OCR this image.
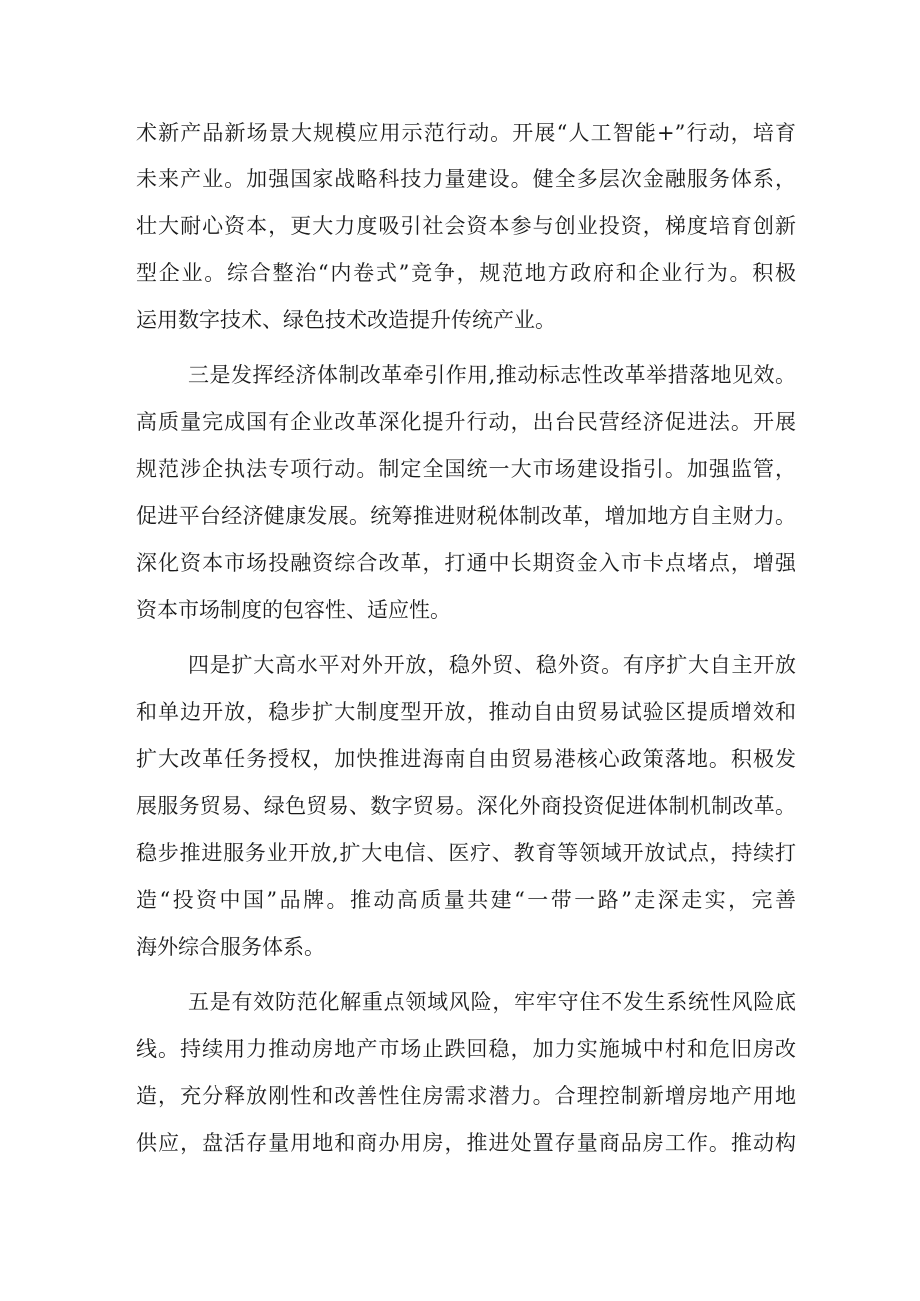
术新产品新场景大规模应用示范行动。开展“人工智能+”行动，培育
未来产业。加强国家战略科技力量建设。健全多层次金融服务体系，
壮大耐心资本，更大力度吸引社会资本参与创业投资，梯度培育创新
型企业。综合整治“内卷式”竞争，规范地方政府和企业行为。积极
运用数字技术、绿色技术改造提升传统产业。
三是发挥经济体制改革牵引作用,推动标志性改革举措落地见效。
高质量完成国有企业改革深化提升行动，出台民营经济促进法。开展
规范涉企执法专项行动。制定全国统一大市场建设指引。加强监管，
促进平台经济健康发展。统筹推进财税体制改革，增加地方自主财力。
深化资本市场投融资综合改革，打通中长期资金入市卡点堵点，增强
资本市场制度的包容性、适应性。
四是扩大高水平对外开放，稳外贸、稳外资。有序扩大自主开放
和单边开放，稳步扩大制度型开放，推动自由贸易试验区提质增效和
扩大改革任务授权，加快推进海南自由贸易港核心政策落地。积极发
展服务贸易、绿色贸易、数字贸易。深化外商投资促进体制机制改革。
稳步推进服务业开放,扩大电信、医疗、教育等领域开放试点，持续打
造“投资中国”品牌。推动高质量共建“一带一路”走深走实，完善
海外综合服务体系。
五是有效防范化解重点领域风险，牢牢守住不发生系统性风险底
线。持续用力推动房地产市场止跌回稳，加力实施城中村和危旧房改
造，充分释放刚性和改善性住房需求潜力。合理控制新增房地产用地
供应，盘活存量用地和商办用房，推进处置存量商品房工作。推动构
